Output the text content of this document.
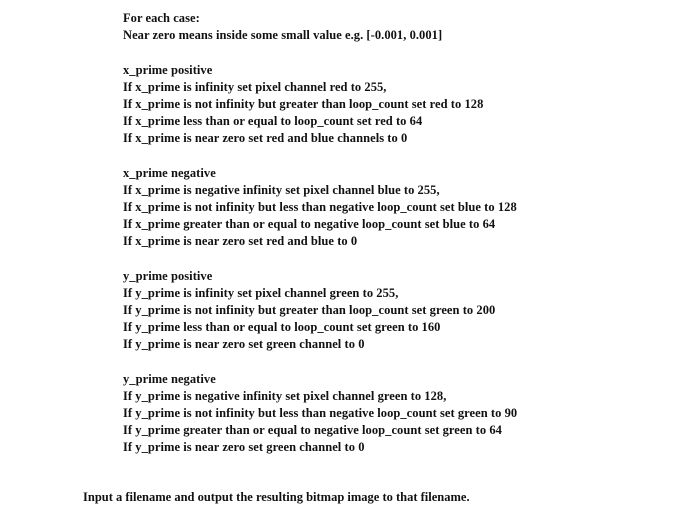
For each case:
Near zero means inside some small value e.g. [-0.001, 0.001]
x_prime positive
If x_prime is infinity set pixel channel red to 255,
If x_prime is not infinity but greater than loop_count set red to 128
If x_prime less than or equal to loop_count set red to 64
If x_prime is near zero set red and blue channels to 0
x_prime negative
If x_prime is negative infinity set pixel channel blue to 255,
If x_prime is not infinity but less than negative loop_count set blue to 128
If x_prime greater than or equal to negative loop_count set blue to 64
If x_prime is near zero set red and blue to 0
y_prime positive
If y_prime is infinity set pixel channel green to 255,
If y_prime is not infinity but greater than loop_count set green to 200
If y_prime less than or equal to loop_count set green to 160
If y_prime is near zero set green channel to 0
y_prime negative
If y_prime is negative infinity set pixel channel green to 128,
If y_prime is not infinity but less than negative loop_count set green to 90
If y_prime greater than or equal to negative loop_count set green to 64
If y_prime is near zero set green channel to 0
Input a filename and output the resulting bitmap image to that filename.
